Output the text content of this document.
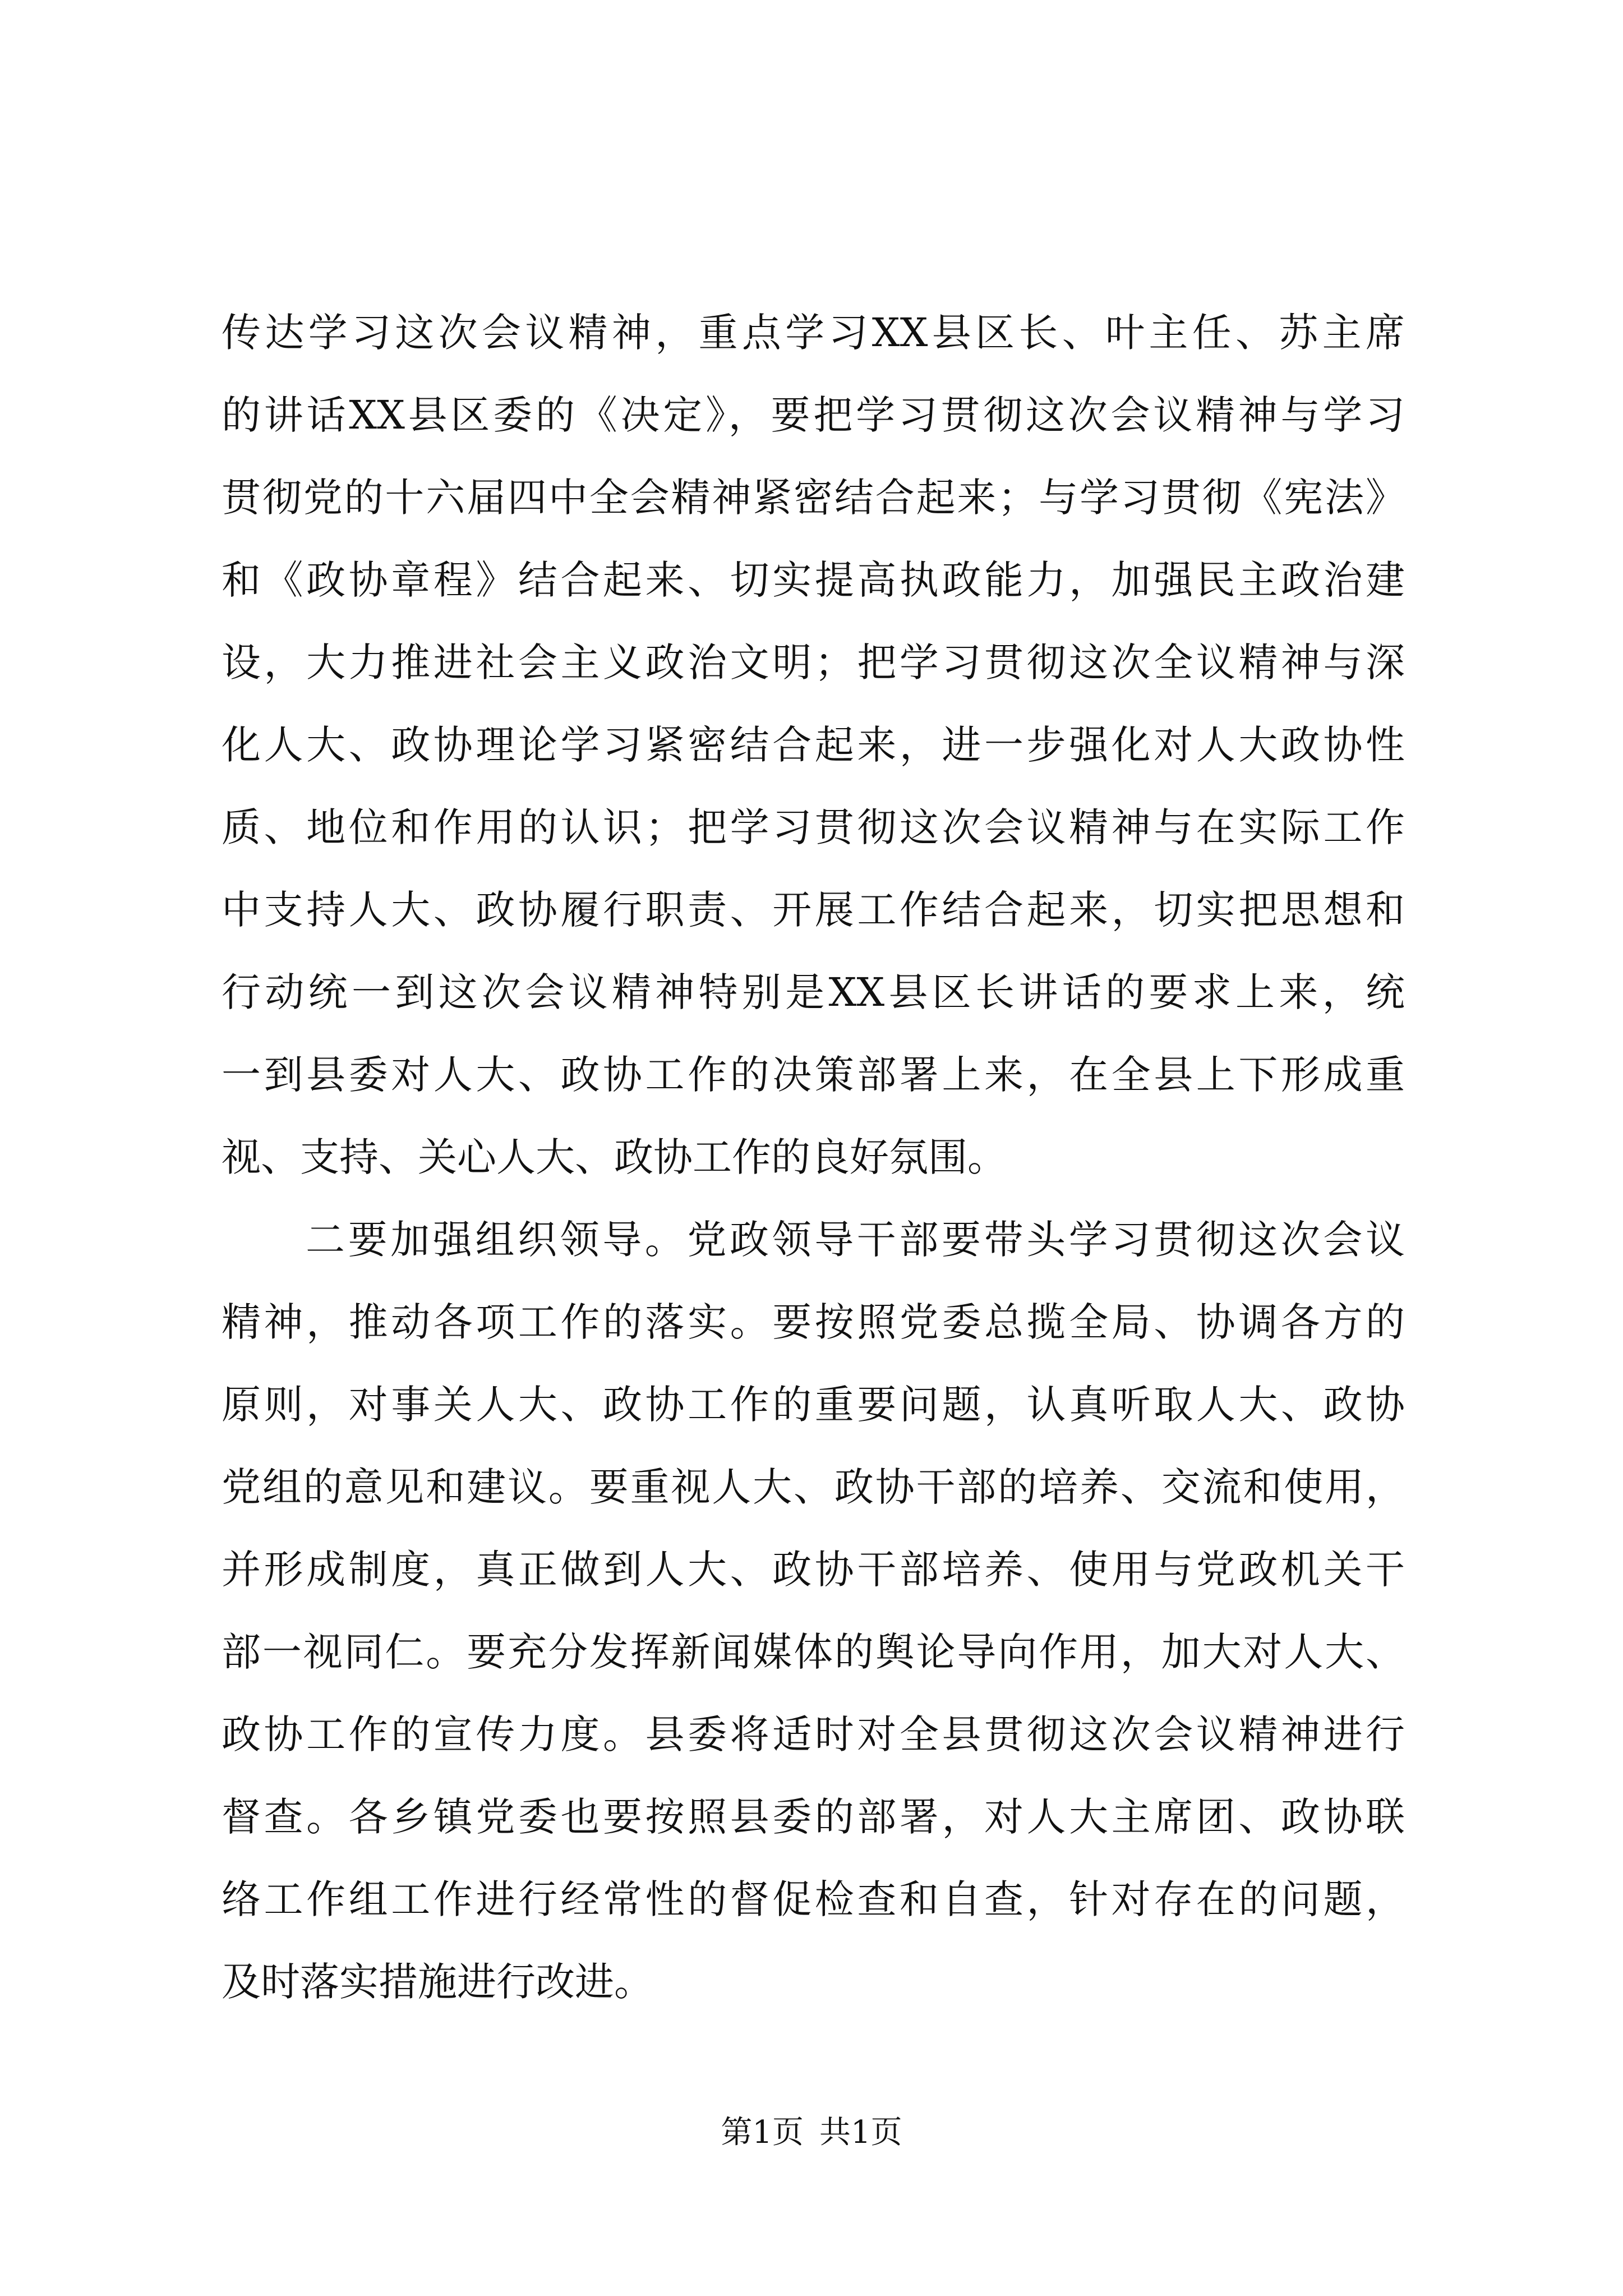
传达学习这次会议精神，重点学习XX县区长、叶主任、苏主席
的讲话XX县区委的《决定》，要把学习贯彻这次会议精神与学习
贯彻党的十六届四中全会精神紧密结合起来；与学习贯彻《宪法》
和《政协章程》结合起来、切实提高执政能力，加强民主政治建
设，大力推进社会主义政治文明；把学习贯彻这次全议精神与深
化人大、政协理论学习紧密结合起来，进一步强化对人大政协性
质、地位和作用的认识；把学习贯彻这次会议精神与在实际工作
中支持人大、政协履行职责、开展工作结合起来，切实把思想和
行动统一到这次会议精神特别是XX县区长讲话的要求上来，统
一到县委对人大、政协工作的决策部署上来，在全县上下形成重
视、支持、关心人大、政协工作的良好氛围。
二要加强组织领导。党政领导干部要带头学习贯彻这次会议
精神，推动各项工作的落实。要按照党委总揽全局、协调各方的
原则，对事关人大、政协工作的重要问题，认真听取人大、政协
党组的意见和建议。要重视人大、政协干部的培养、交流和使用，
并形成制度，真正做到人大、政协干部培养、使用与党政机关干
部一视同仁。要充分发挥新闻媒体的舆论导向作用，加大对人大、
政协工作的宣传力度。县委将适时对全县贯彻这次会议精神进行
督查。各乡镇党委也要按照县委的部署，对人大主席团、政协联
络工作组工作进行经常性的督促检查和自查，针对存在的问题，
及时落实措施进行改进。
第1页 共1页
